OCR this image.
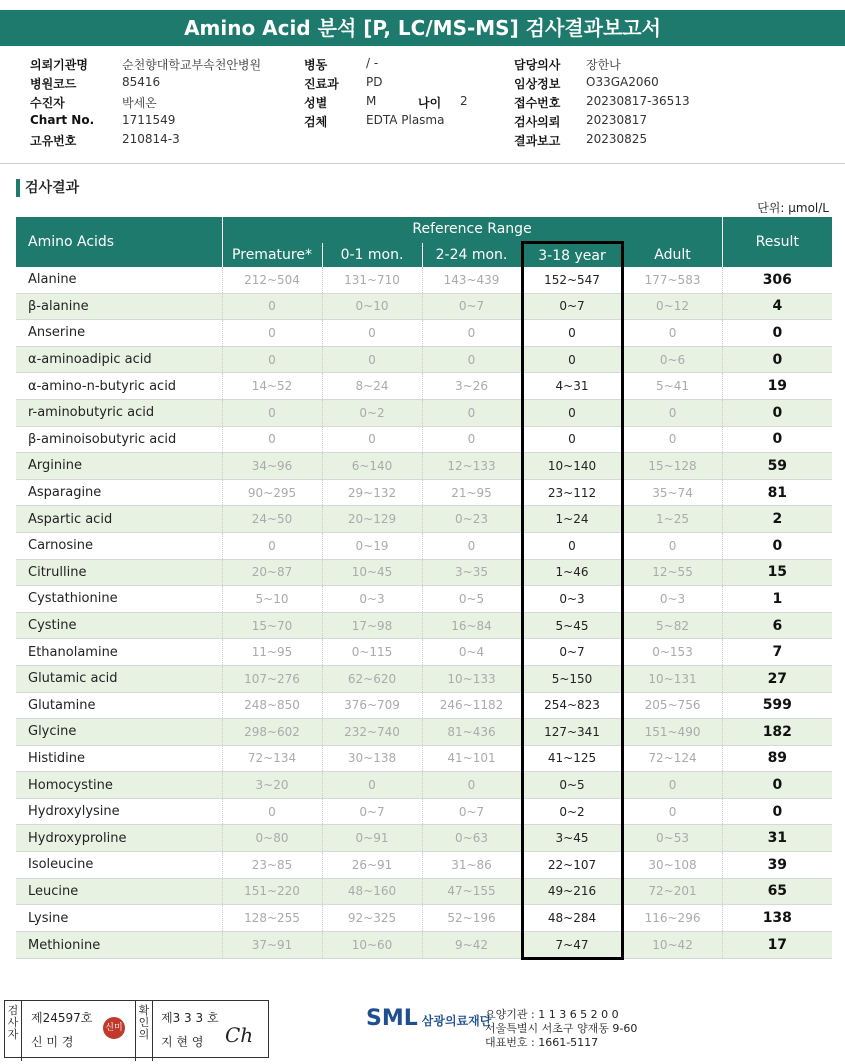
Amino Acid 분석 [P, LC/MS-MS] 검사결과보고서
의뢰기관명	순천향대학교부속천안병원	병동	/ -	담당의사 장한나
병원코드	85416	진료과 PD	임상정보 O33GA2060
수진자	박세온	성별	M	나이 2	접수번호 20230817-36513
Chart No. 1711549	검체	EDTA Plasma	검사의뢰 20230817
고유번호	210814-3	결과보고 20230825
검사결과
단위: μmol/L
Amino Acids	Reference Range					Result
	Premature*	0-1 mon.	2-24 mon.	3-18 year	Adult	
Alanine	212~504	131~710	143~439	152~547	177~583	306
β-alanine	0	0~10	0~7	0~7	0~12	4
Anserine	0	0	0	0	0	0
α-aminoadipic acid	0	0	0	0	0~6	0
α-amino-n-butyric acid	14~52	8~24	3~26	4~31	5~41	19
r-aminobutyric acid	0	0~2	0	0	0	0
β-aminoisobutyric acid	0	0	0	0	0	0
Arginine	34~96	6~140	12~133	10~140	15~128	59
Asparagine	90~295	29~132	21~95	23~112	35~74	81
Aspartic acid	24~50	20~129	0~23	1~24	1~25	2
Carnosine	0	0~19	0	0	0	0
Citrulline	20~87	10~45	3~35	1~46	12~55	15
Cystathionine	5~10	0~3	0~5	0~3	0~3	1
Cystine	15~70	17~98	16~84	5~45	5~82	6
Ethanolamine	11~95	0~115	0~4	0~7	0~153	7
Glutamic acid	107~276	62~620	10~133	5~150	10~131	27
Glutamine	248~850	376~709	246~1182	254~823	205~756	599
Glycine	298~602	232~740	81~436	127~341	151~490	182
Histidine	72~134	30~138	41~101	41~125	72~124	89
Homocystine	3~20	0	0	0~5	0	0
Hydroxylysine	0	0~7	0~7	0~2	0	0
Hydroxyproline	0~80	0~91	0~63	3~45	0~53	31
Isoleucine	23~85	26~91	31~86	22~107	30~108	39
Leucine	151~220	48~160	47~155	49~216	72~201	65
Lysine	128~255	92~325	52~196	48~284	116~296	138
Methionine	37~91	10~60	9~42	7~47	10~42	17
검사자
제24597호
신 미 경
신미경
확인의
제3 3 3 호
지 현 영 Ch
SML 삼광의료재단
요양기관 : 1 1 3 6 5 2 0 0
서울특별시 서초구 양재동 9-60
대표번호 : 1661-5117
